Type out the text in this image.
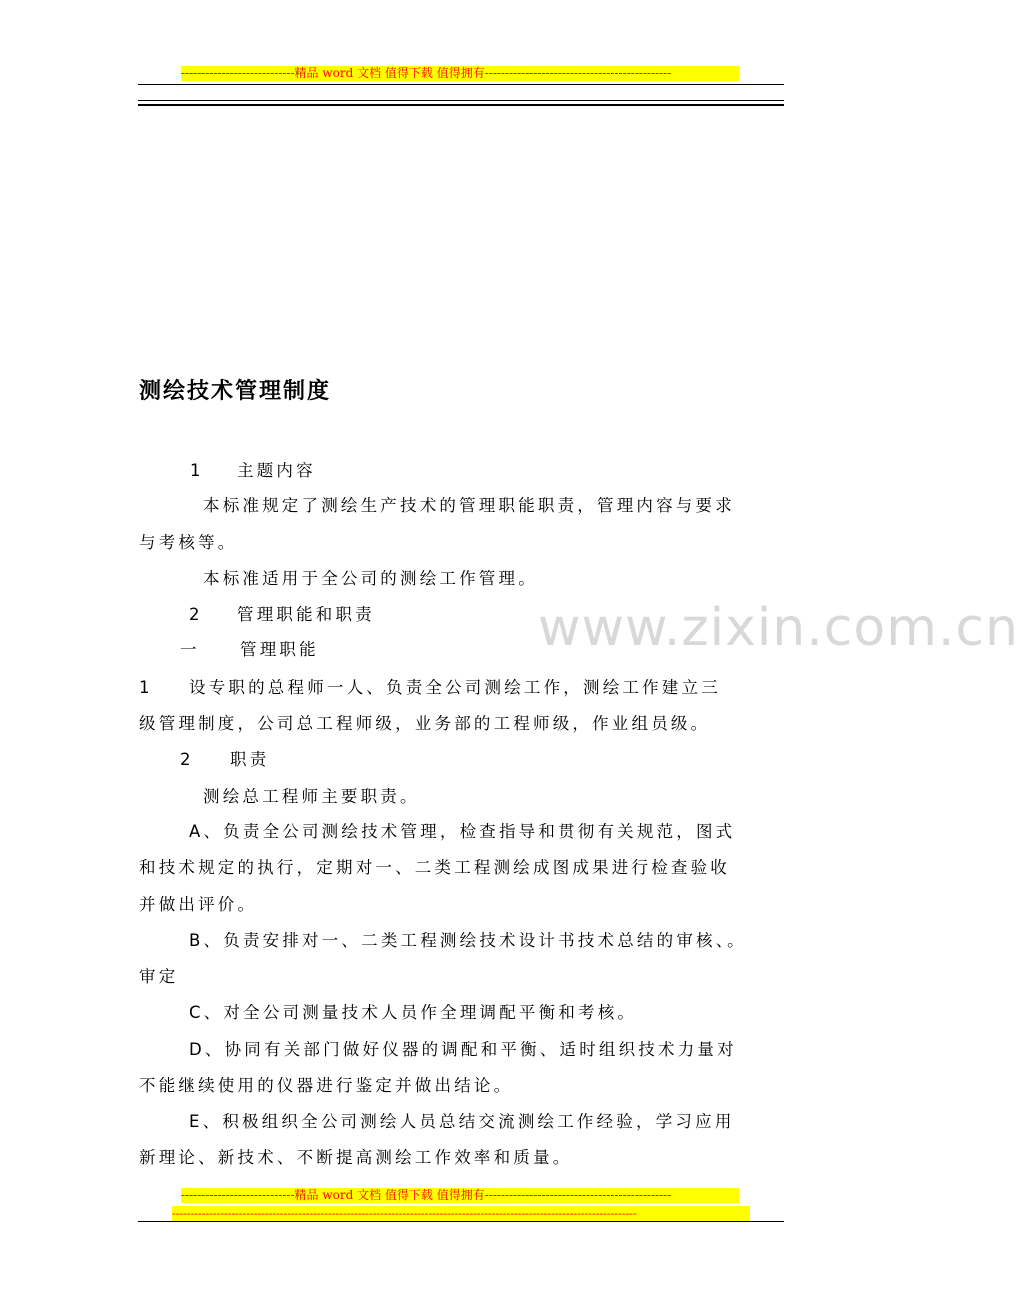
----------------------------精品 word 文档 值得下载 值得拥有----------------------------------------------
www.zixin.com.cn
测绘技术管理制度
1 主题内容
本标准规定了测绘生产技术的管理职能职责，管理内容与要求
与考核等。
本标准适用于全公司的测绘工作管理。
2 管理职能和职责
一	管理职能
1 设专职的总程师一人、负责全公司测绘工作，测绘工作建立三
级管理制度，公司总工程师级，业务部的工程师级，作业组员级。
2 职责
测绘总工程师主要职责。
A、负责全公司测绘技术管理，检查指导和贯彻有关规范，图式
和技术规定的执行，定期对一、二类工程测绘成图成果进行检查验收
并做出评价。
B、负责安排对一、二类工程测绘技术设计书技术总结的审核、。
审定
C、对全公司测量技术人员作全理调配平衡和考核。
D、协同有关部门做好仪器的调配和平衡、适时组织技术力量对
不能继续使用的仪器进行鉴定并做出结论。
E、积极组织全公司测绘人员总结交流测绘工作经验，学习应用
新理论、新技术、不断提高测绘工作效率和质量。
----------------------------精品 word 文档 值得下载 值得拥有----------------------------------------------
-----------------------------------------------------------------------------------------------------------------------------
